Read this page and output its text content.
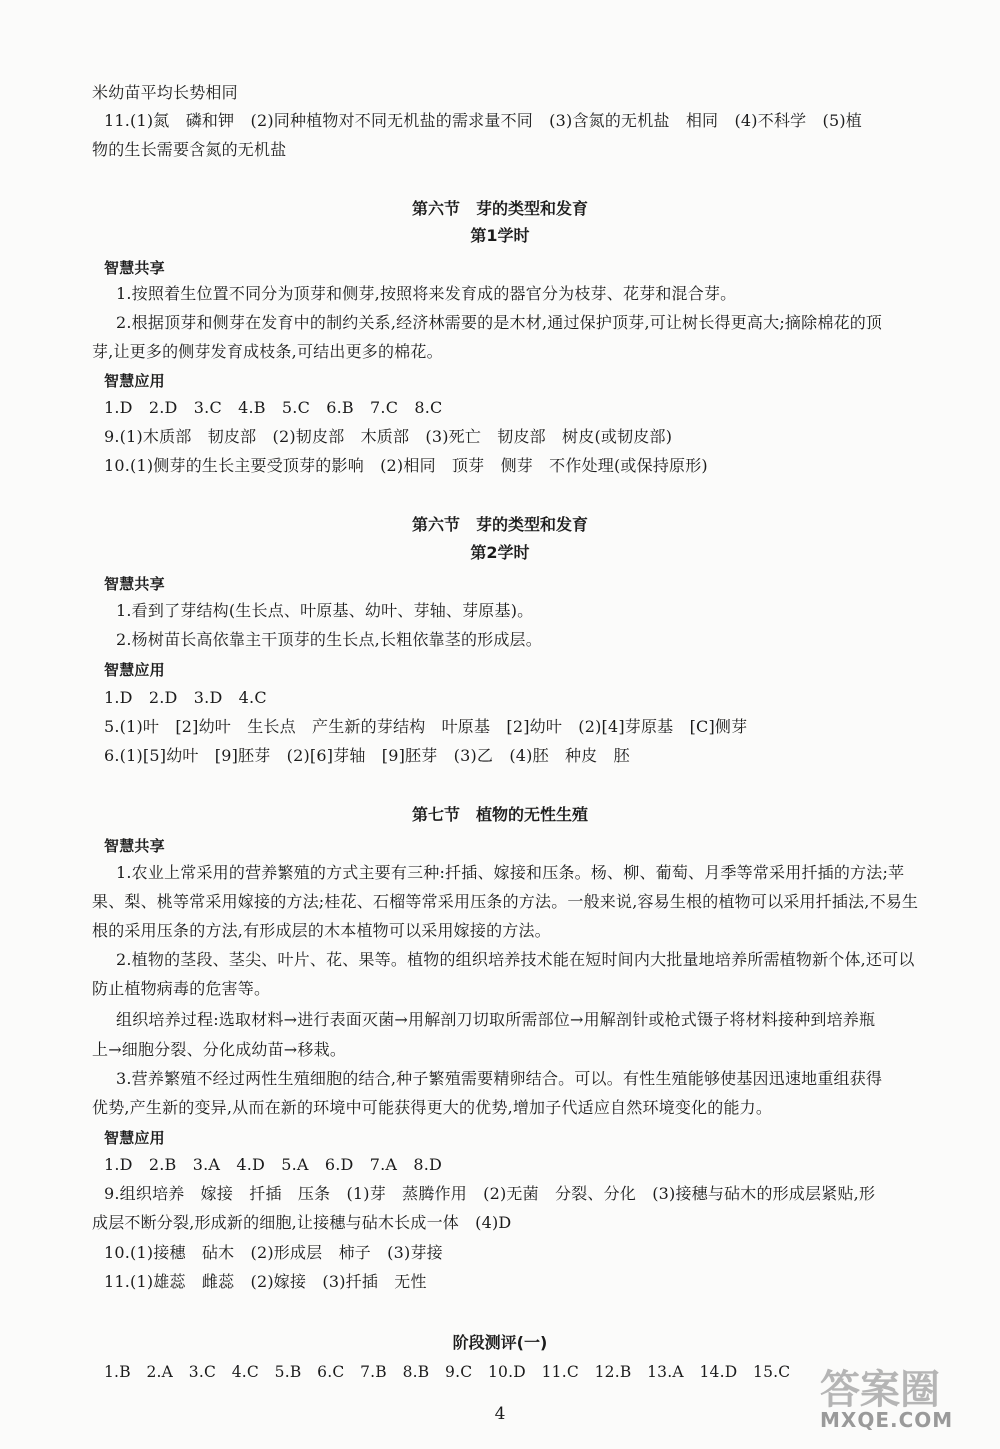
米幼苗平均长势相同
11.(1)氮　磷和钾　(2)同种植物对不同无机盐的需求量不同　(3)含氮的无机盐　相同　(4)不科学　(5)植
物的生长需要含氮的无机盐
第六节　芽的类型和发育
第1学时
智慧共享
1.按照着生位置不同分为顶芽和侧芽,按照将来发育成的器官分为枝芽、花芽和混合芽。
2.根据顶芽和侧芽在发育中的制约关系,经济林需要的是木材,通过保护顶芽,可让树长得更高大;摘除棉花的顶
芽,让更多的侧芽发育成枝条,可结出更多的棉花。
智慧应用
1.D　2.D　3.C　4.B　5.C　6.B　7.C　8.C
9.(1)木质部　韧皮部　(2)韧皮部　木质部　(3)死亡　韧皮部　树皮(或韧皮部)
10.(1)侧芽的生长主要受顶芽的影响　(2)相同　顶芽　侧芽　不作处理(或保持原形)
第六节　芽的类型和发育
第2学时
智慧共享
1.看到了芽结构(生长点、叶原基、幼叶、芽轴、芽原基)。
2.杨树苗长高依靠主干顶芽的生长点,长粗依靠茎的形成层。
智慧应用
1.D　2.D　3.D　4.C
5.(1)叶　[2]幼叶　生长点　产生新的芽结构　叶原基　[2]幼叶　(2)[4]芽原基　[C]侧芽
6.(1)[5]幼叶　[9]胚芽　(2)[6]芽轴　[9]胚芽　(3)乙　(4)胚　种皮　胚
第七节　植物的无性生殖
智慧共享
1.农业上常采用的营养繁殖的方式主要有三种:扦插、嫁接和压条。杨、柳、葡萄、月季等常采用扦插的方法;苹
果、梨、桃等常采用嫁接的方法;桂花、石榴等常采用压条的方法。一般来说,容易生根的植物可以采用扦插法,不易生
根的采用压条的方法,有形成层的木本植物可以采用嫁接的方法。
2.植物的茎段、茎尖、叶片、花、果等。植物的组织培养技术能在短时间内大批量地培养所需植物新个体,还可以
防止植物病毒的危害等。
组织培养过程:选取材料→进行表面灭菌→用解剖刀切取所需部位→用解剖针或枪式镊子将材料接种到培养瓶
上→细胞分裂、分化成幼苗→移栽。
3.营养繁殖不经过两性生殖细胞的结合,种子繁殖需要精卵结合。可以。有性生殖能够使基因迅速地重组获得
优势,产生新的变异,从而在新的环境中可能获得更大的优势,增加子代适应自然环境变化的能力。
智慧应用
1.D　2.B　3.A　4.D　5.A　6.D　7.A　8.D
9.组织培养　嫁接　扦插　压条　(1)芽　蒸腾作用　(2)无菌　分裂、分化　(3)接穗与砧木的形成层紧贴,形
成层不断分裂,形成新的细胞,让接穗与砧木长成一体　(4)D
10.(1)接穗　砧木　(2)形成层　柿子　(3)芽接
11.(1)雄蕊　雌蕊　(2)嫁接　(3)扦插　无性
阶段测评(一)
1.B　2.A　3.C　4.C　5.B　6.C　7.B　8.B　9.C　10.D　11.C　12.B　13.A　14.D　15.C
4
答案圈
MXQE.COM
